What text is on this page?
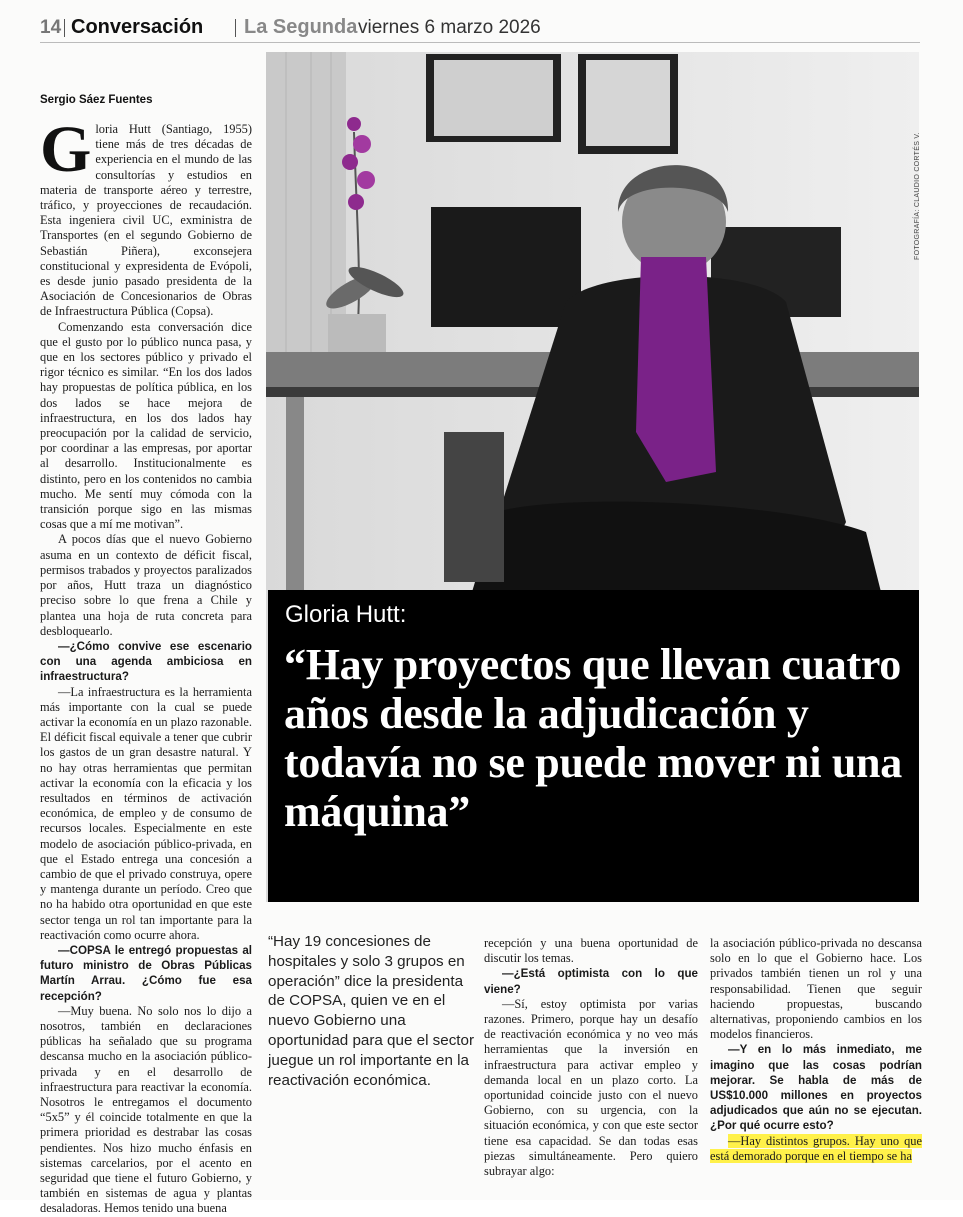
14 Conversación La Segunda viernes 6 marzo 2026
Sergio Sáez Fuentes
FOTOGRAFÍA: CLAUDIO CORTÉS V.
Gloria Hutt:
“Hay proyectos que llevan cuatro años desde la adjudicación y todavía no se puede mover ni una máquina”

Gloria Hutt (Santiago, 1955) tiene más de tres décadas de experiencia en el mundo de las consultorías y estudios en materia de transporte aéreo y terrestre, tráfico, y proyecciones de recaudación. Esta ingeniera civil UC, exministra de Transportes (en el segundo Gobierno de Sebastián Piñera), exconsejera constitucional y expresidenta de Evópoli, es desde junio pasado presidenta de la Asociación de Concesionarios de Obras de Infraestructura Pública (Copsa).

Comenzando esta conversación dice que el gusto por lo público nunca pasa, y que en los sectores público y privado el rigor técnico es similar. “En los dos lados hay propuestas de política pública, en los dos lados se hace mejora de infraestructura, en los dos lados hay preocupación por la calidad de servicio, por coordinar a las empresas, por aportar al desarrollo. Institucionalmente es distinto, pero en los contenidos no cambia mucho. Me sentí muy cómoda con la transición porque sigo en las mismas cosas que a mí me motivan”.

A pocos días que el nuevo Gobierno asuma en un contexto de déficit fiscal, permisos trabados y proyectos paralizados por años, Hutt traza un diagnóstico preciso sobre lo que frena a Chile y plantea una hoja de ruta concreta para desbloquearlo.

—¿Cómo convive ese escenario con una agenda ambiciosa en infraestructura?

—La infraestructura es la herramienta más importante con la cual se puede activar la economía en un plazo razonable. El déficit fiscal equivale a tener que cubrir los gastos de un gran desastre natural. Y no hay otras herramientas que permitan activar la economía con la eficacia y los resultados en términos de activación económica, de empleo y de consumo de recursos locales. Especialmente en este modelo de asociación público-privada, en que el Estado entrega una concesión a cambio de que el privado construya, opere y mantenga durante un período. Creo que no ha habido otra oportunidad en que este sector tenga un rol tan importante para la reactivación como ocurre ahora.

—COPSA le entregó propuestas al futuro ministro de Obras Públicas Martín Arrau. ¿Cómo fue esa recepción?

—Muy buena. No solo nos lo dijo a nosotros, también en declaraciones públicas ha señalado que su programa descansa mucho en la asociación público-privada y en el desarrollo de infraestructura para reactivar la economía. Nosotros le entregamos el documento “5x5” y él coincide totalmente en que la primera prioridad es destrabar las cosas pendientes. Nos hizo mucho énfasis en sistemas carcelarios, por el acento en seguridad que tiene el futuro Gobierno, y también en sistemas de agua y plantas desaladoras. Hemos tenido una buena

“Hay 19 concesiones de hospitales y solo 3 grupos en operación” dice la presidenta de COPSA, quien ve en el nuevo Gobierno una oportunidad para que el sector juegue un rol importante en la reactivación económica.

recepción y una buena oportunidad de discutir los temas.

—¿Está optimista con lo que viene?

—Sí, estoy optimista por varias razones. Primero, porque hay un desafío de reactivación económica y no veo más herramientas que la inversión en infraestructura para activar empleo y demanda local en un plazo corto. La oportunidad coincide justo con el nuevo Gobierno, con su urgencia, con la situación económica, y con que este sector tiene esa capacidad. Se dan todas esas piezas simultáneamente. Pero quiero subrayar algo:

la asociación público-privada no descansa solo en lo que el Gobierno hace. Los privados también tienen un rol y una responsabilidad. Tienen que seguir haciendo propuestas, buscando alternativas, proponiendo cambios en los modelos financieros.

—Y en lo más inmediato, me imagino que las cosas podrían mejorar. Se habla de más de US$10.000 millones en proyectos adjudicados que aún no se ejecutan. ¿Por qué ocurre esto?

—Hay distintos grupos. Hay uno que está demorado porque en el tiempo se ha
